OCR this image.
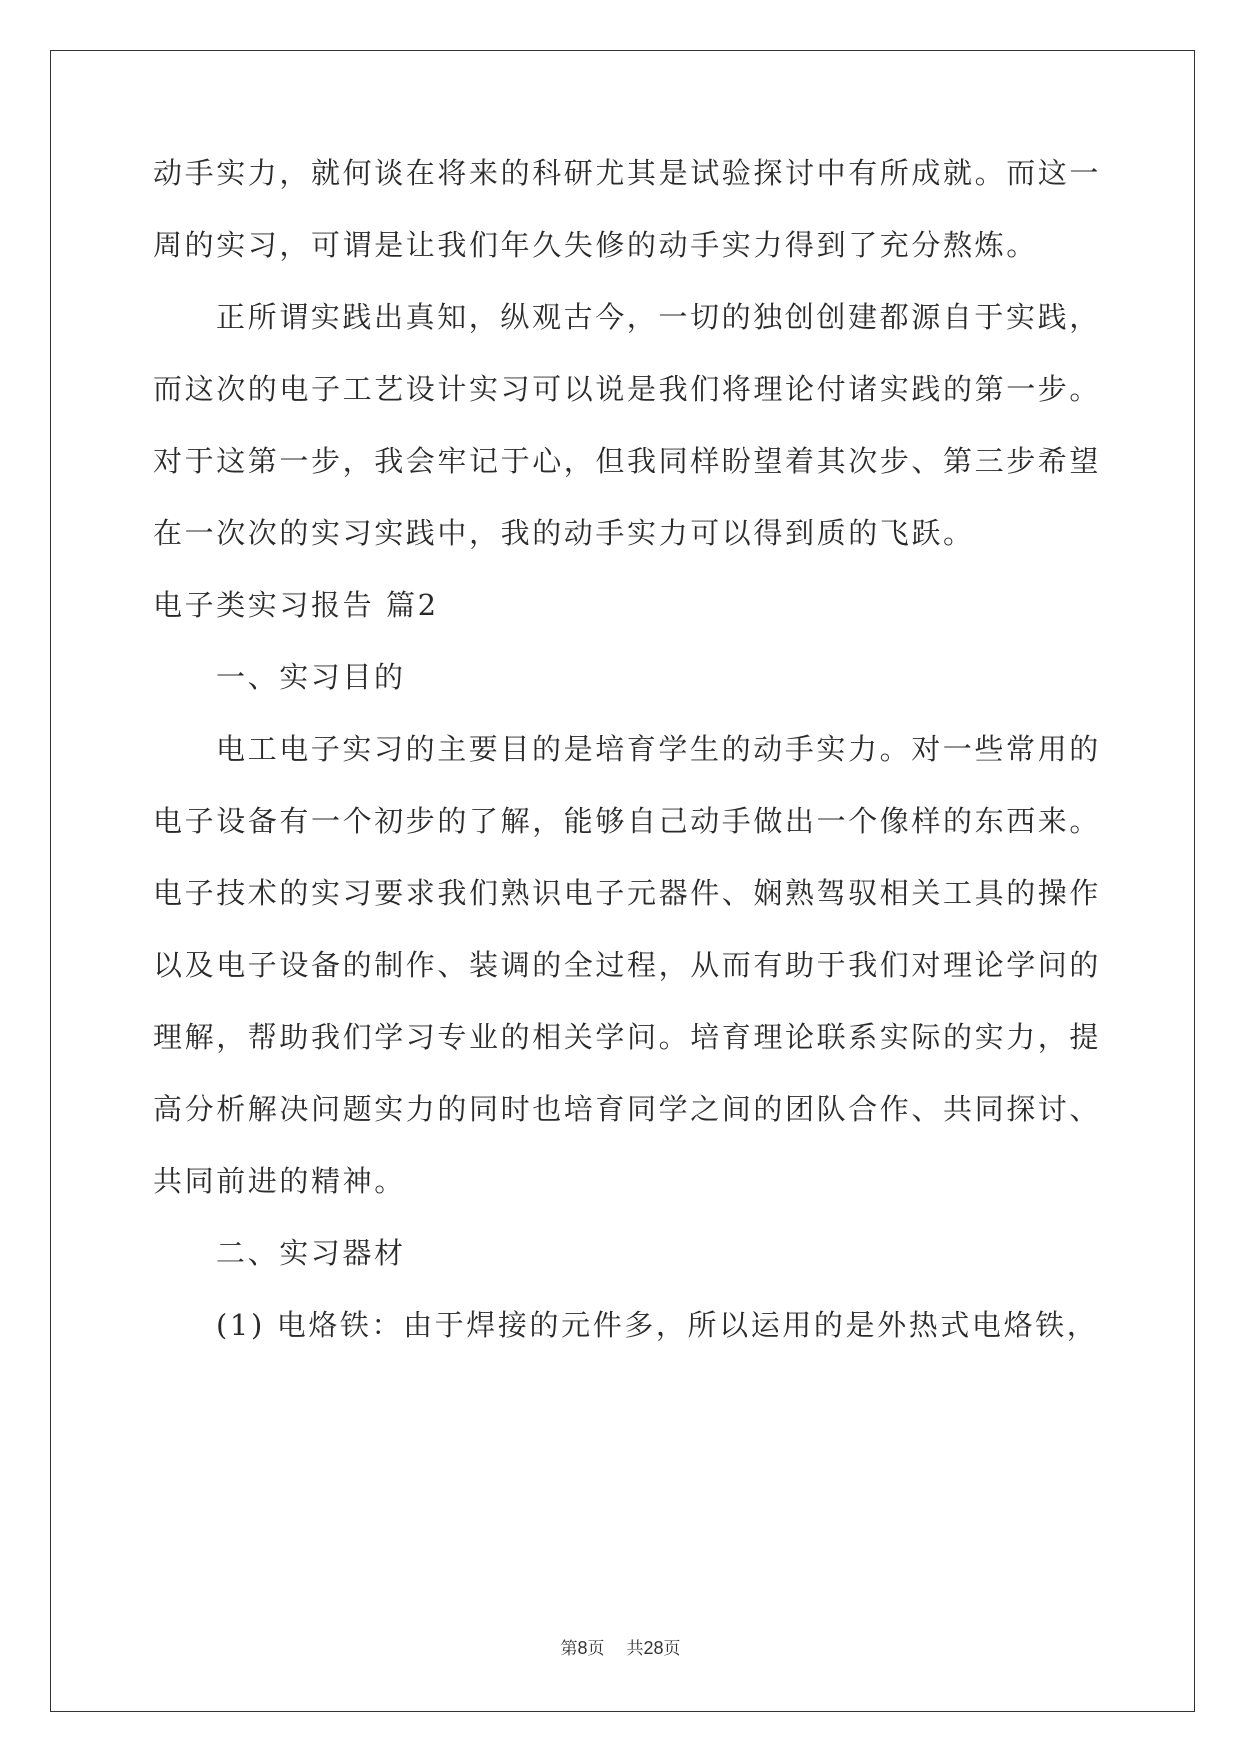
动手实力，就何谈在将来的科研尤其是试验探讨中有所成就。而这一
周的实习，可谓是让我们年久失修的动手实力得到了充分熬炼。
正所谓实践出真知，纵观古今，一切的独创创建都源自于实践，
而这次的电子工艺设计实习可以说是我们将理论付诸实践的第一步。
对于这第一步，我会牢记于心，但我同样盼望着其次步、第三步希望
在一次次的实习实践中，我的动手实力可以得到质的飞跃。
电子类实习报告 篇2
一、实习目的
电工电子实习的主要目的是培育学生的动手实力。对一些常用的
电子设备有一个初步的了解，能够自己动手做出一个像样的东西来。
电子技术的实习要求我们熟识电子元器件、娴熟驾驭相关工具的操作
以及电子设备的制作、装调的全过程，从而有助于我们对理论学问的
理解，帮助我们学习专业的相关学问。培育理论联系实际的实力，提
高分析解决问题实力的同时也培育同学之间的团队合作、共同探讨、
共同前进的精神。
二、实习器材
(1) 电烙铁：由于焊接的元件多，所以运用的是外热式电烙铁，
第8页 共28页
